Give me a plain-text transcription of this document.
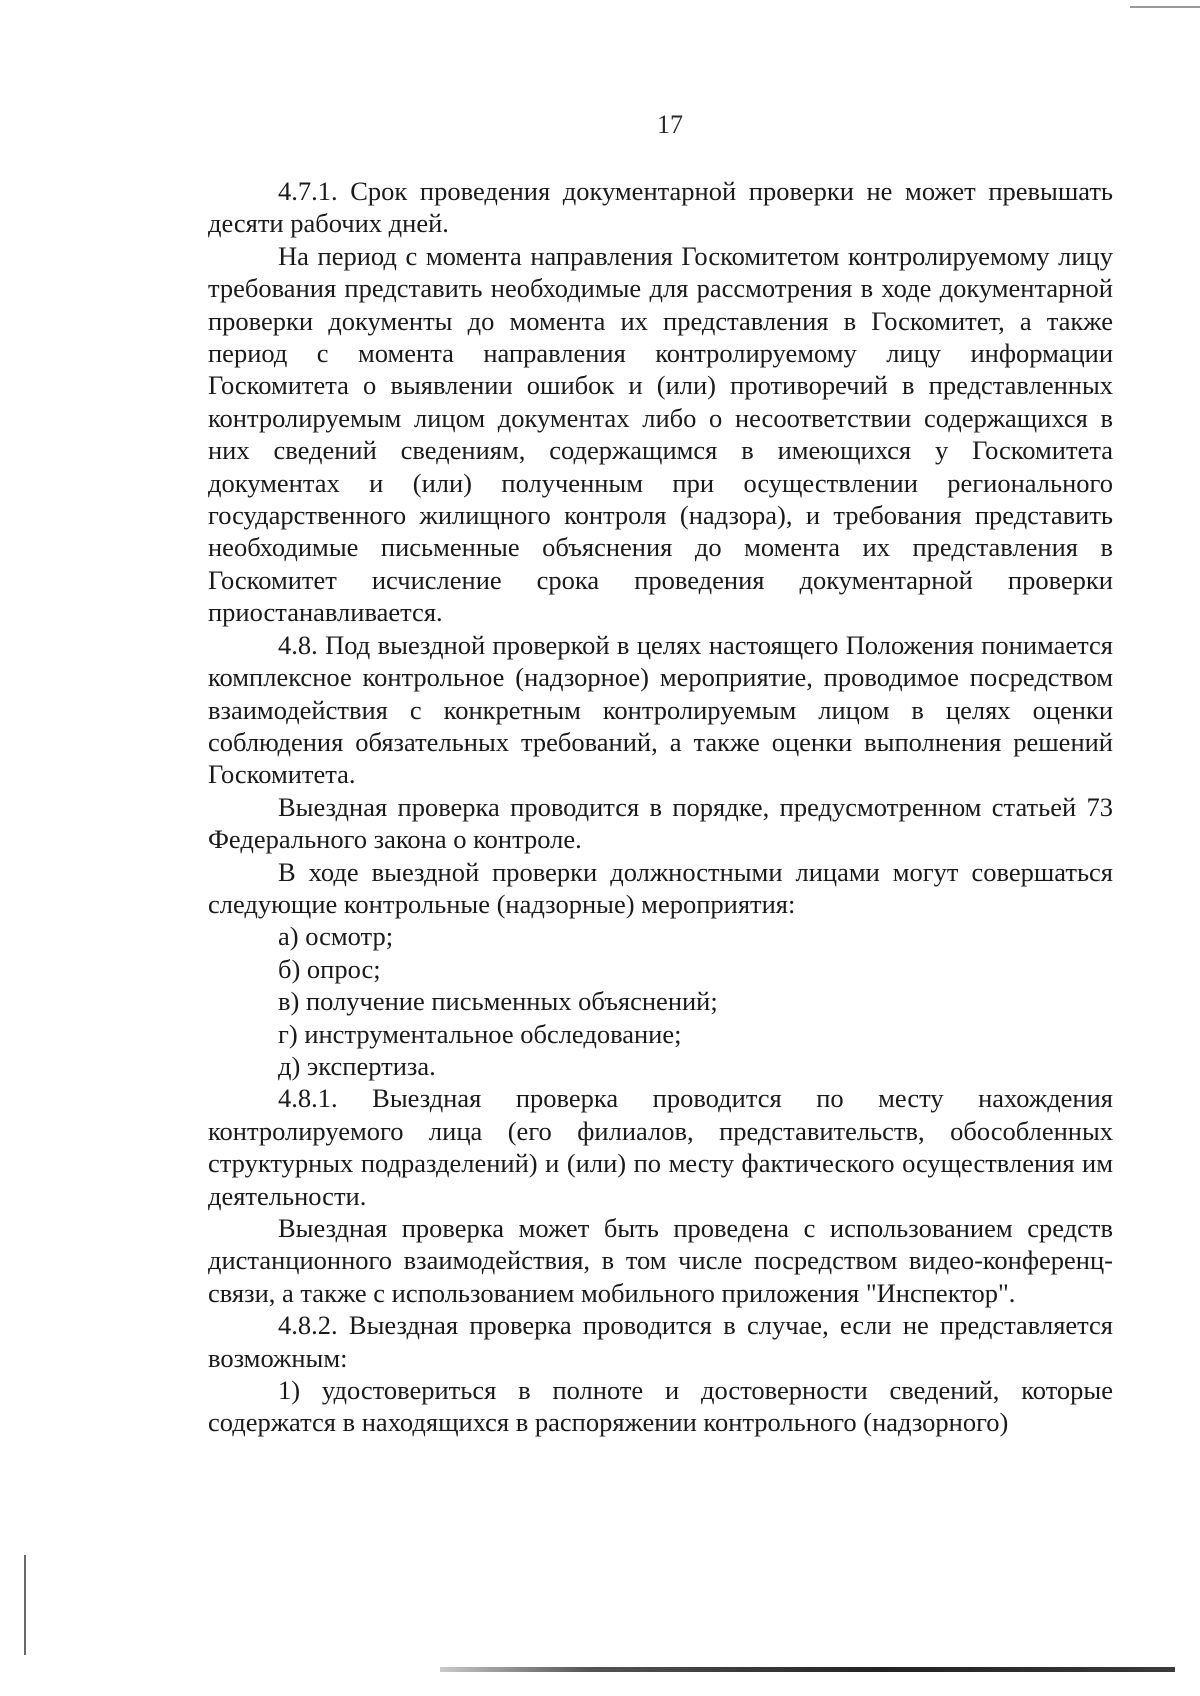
17

4.7.1. Срок проведения документарной проверки не может превышать десяти рабочих дней.

На период с момента направления Госкомитетом контролируемому лицу требования представить необходимые для рассмотрения в ходе документарной проверки документы до момента их представления в Госкомитет, а также период с момента направления контролируемому лицу информации Госкомитета о выявлении ошибок и (или) противоречий в представленных контролируемым лицом документах либо о несоответствии содержащихся в них сведений сведениям, содержащимся в имеющихся у Госкомитета документах и (или) полученным при осуществлении регионального государственного жилищного контроля (надзора), и требования представить необходимые письменные объяснения до момента их представления в Госкомитет исчисление срока проведения документарной проверки приостанавливается.

4.8. Под выездной проверкой в целях настоящего Положения понимается комплексное контрольное (надзорное) мероприятие, проводимое посредством взаимодействия с конкретным контролируемым лицом в целях оценки соблюдения обязательных требований, а также оценки выполнения решений Госкомитета.

Выездная проверка проводится в порядке, предусмотренном статьей 73 Федерального закона о контроле.

В ходе выездной проверки должностными лицами могут совершаться следующие контрольные (надзорные) мероприятия:

а) осмотр;

б) опрос;

в) получение письменных объяснений;

г) инструментальное обследование;

д) экспертиза.

4.8.1. Выездная проверка проводится по месту нахождения контролируемого лица (его филиалов, представительств, обособленных структурных подразделений) и (или) по месту фактического осуществления им деятельности.

Выездная проверка может быть проведена с использованием средств дистанционного взаимодействия, в том числе посредством видео-конференц-связи, а также с использованием мобильного приложения "Инспектор".

4.8.2. Выездная проверка проводится в случае, если не представляется возможным:

1) удостовериться в полноте и достоверности сведений, которые содержатся в находящихся в распоряжении контрольного (надзорного)
